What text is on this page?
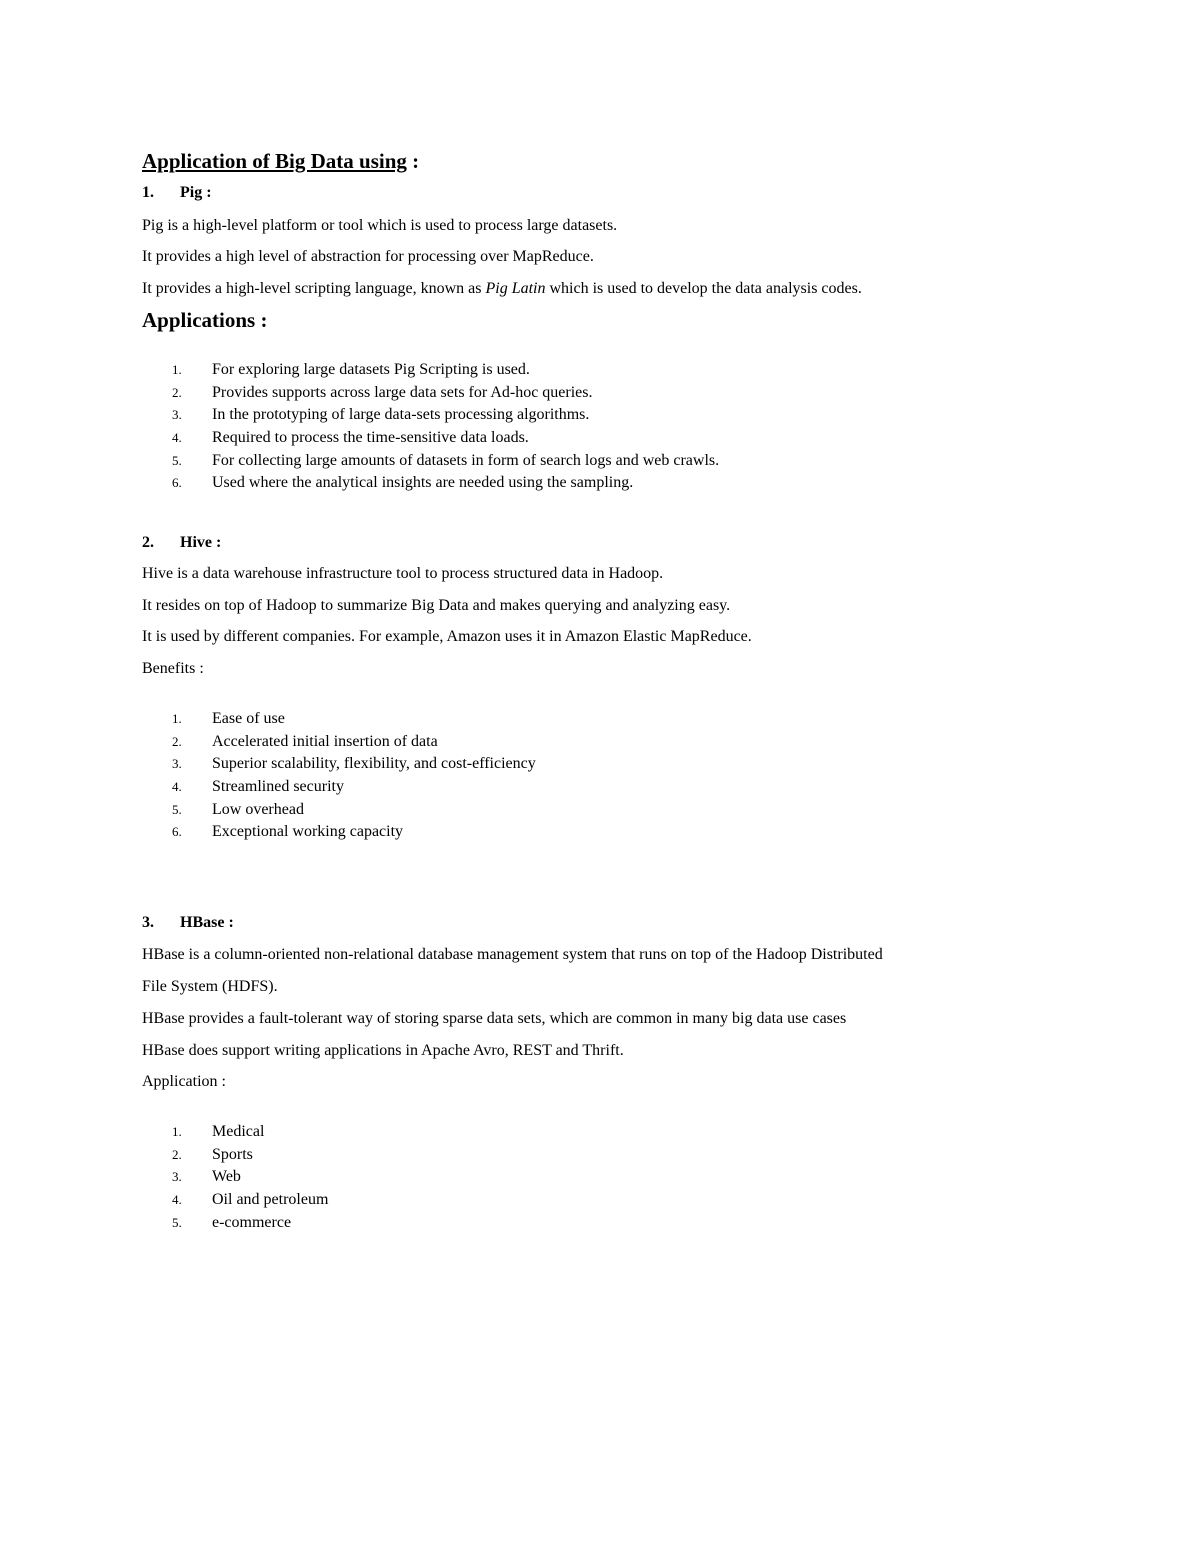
Application of Big Data using :
1. Pig :
Pig is a high-level platform or tool which is used to process large datasets.
It provides a high level of abstraction for processing over MapReduce.
It provides a high-level scripting language, known as Pig Latin which is used to develop the data analysis codes.
Applications :
1. For exploring large datasets Pig Scripting is used.
2. Provides supports across large data sets for Ad-hoc queries.
3. In the prototyping of large data-sets processing algorithms.
4. Required to process the time-sensitive data loads.
5. For collecting large amounts of datasets in form of search logs and web crawls.
6. Used where the analytical insights are needed using the sampling.
2. Hive :
Hive is a data warehouse infrastructure tool to process structured data in Hadoop.
It resides on top of Hadoop to summarize Big Data and makes querying and analyzing easy.
It is used by different companies. For example, Amazon uses it in Amazon Elastic MapReduce.
Benefits :
1. Ease of use
2. Accelerated initial insertion of data
3. Superior scalability, flexibility, and cost-efficiency
4. Streamlined security
5. Low overhead
6. Exceptional working capacity
3. HBase :
HBase is a column-oriented non-relational database management system that runs on top of the Hadoop Distributed
File System (HDFS).
HBase provides a fault-tolerant way of storing sparse data sets, which are common in many big data use cases
HBase does support writing applications in Apache Avro, REST and Thrift.
Application :
1. Medical
2. Sports
3. Web
4. Oil and petroleum
5. e-commerce
